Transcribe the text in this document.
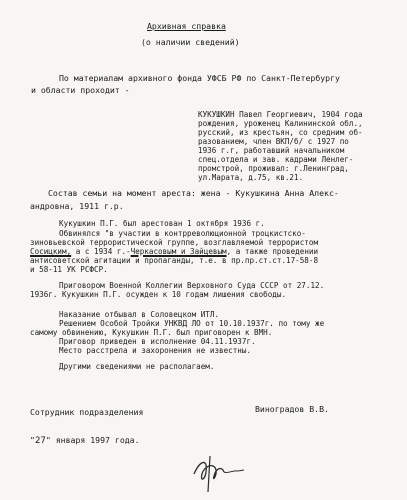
Архивная справка
(о наличии сведений)
По материалам архивного фонда УФСБ РФ по Санкт-Петербургу
и области проходит -
КУКУШКИН Павел Георгиевич, 1904 года
рождения, уроженец Калининской обл.,
русский, из крестьян, со средним об-
разованием, член ВКП/б/ с 1927 по
1936 г.г, работавший начальником
спец.отдела и зав. кадрами Ленлег-
промстрой, проживал: г.Ленинград,
ул.Марата, д.75, кв.21.
Состав семьи на момент ареста: жена - Кукушкина Анна Алекс-
андровна, 1911 г.р.
Кукушкин П.Г. был арестован 1 октября 1936 г.
Обвинялся "в участии в контрреволюционной троцкистско-
зиновьевской террористической группе, возглавляемой террористом
Сосицким, а с 1934 г.-Черкасовым и Зайцевым, а также проведении
антисоветской агитации и пропаганды, т.е. в пр.пр.ст.ст.17-58-8
и 58-11 УК РСФСР.
Приговором Военной Коллегии Верховного Суда СССР от 27.12.
1936г. Кукушкин П.Г. осужден к 10 годам лишения свободы.
Наказание отбывал в Соловецком ИТЛ.
Решением Особой Тройки УНКВД ЛО от 10.10.1937г. по тому же
самому обвинению, Кукушкин П.Г. был приговорен к ВМН.
Приговор приведен в исполнение 04.11.1937г.
Место расстрела и захоронения не известны.
Другими сведениями не располагаем.
Сотрудник подразделения	Виноградов В.В.
"27" января 1997 года.
